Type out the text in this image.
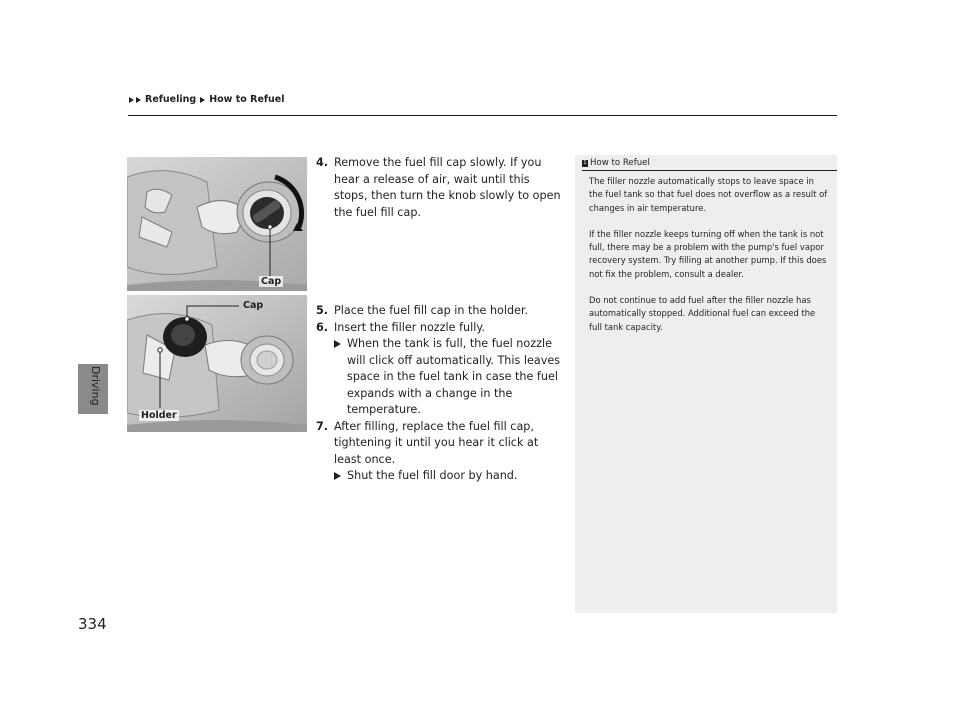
Refueling How to Refuel
Driving
334
Cap
Cap
Holder
4. Remove the fuel fill cap slowly. If you hear a release of air, wait until this stops, then turn the knob slowly to open the fuel fill cap.
5. Place the fuel fill cap in the holder.
6. Insert the filler nozzle fully.
When the tank is full, the fuel nozzle will click off automatically. This leaves space in the fuel tank in case the fuel expands with a change in the temperature.
7. After filling, replace the fuel fill cap, tightening it until you hear it click at least once.
Shut the fuel fill door by hand.
1 How to Refuel

The filler nozzle automatically stops to leave space in the fuel tank so that fuel does not overflow as a result of changes in air temperature.

If the filler nozzle keeps turning off when the tank is not full, there may be a problem with the pump's fuel vapor recovery system. Try filling at another pump. If this does not fix the problem, consult a dealer.

Do not continue to add fuel after the filler nozzle has automatically stopped. Additional fuel can exceed the full tank capacity.
